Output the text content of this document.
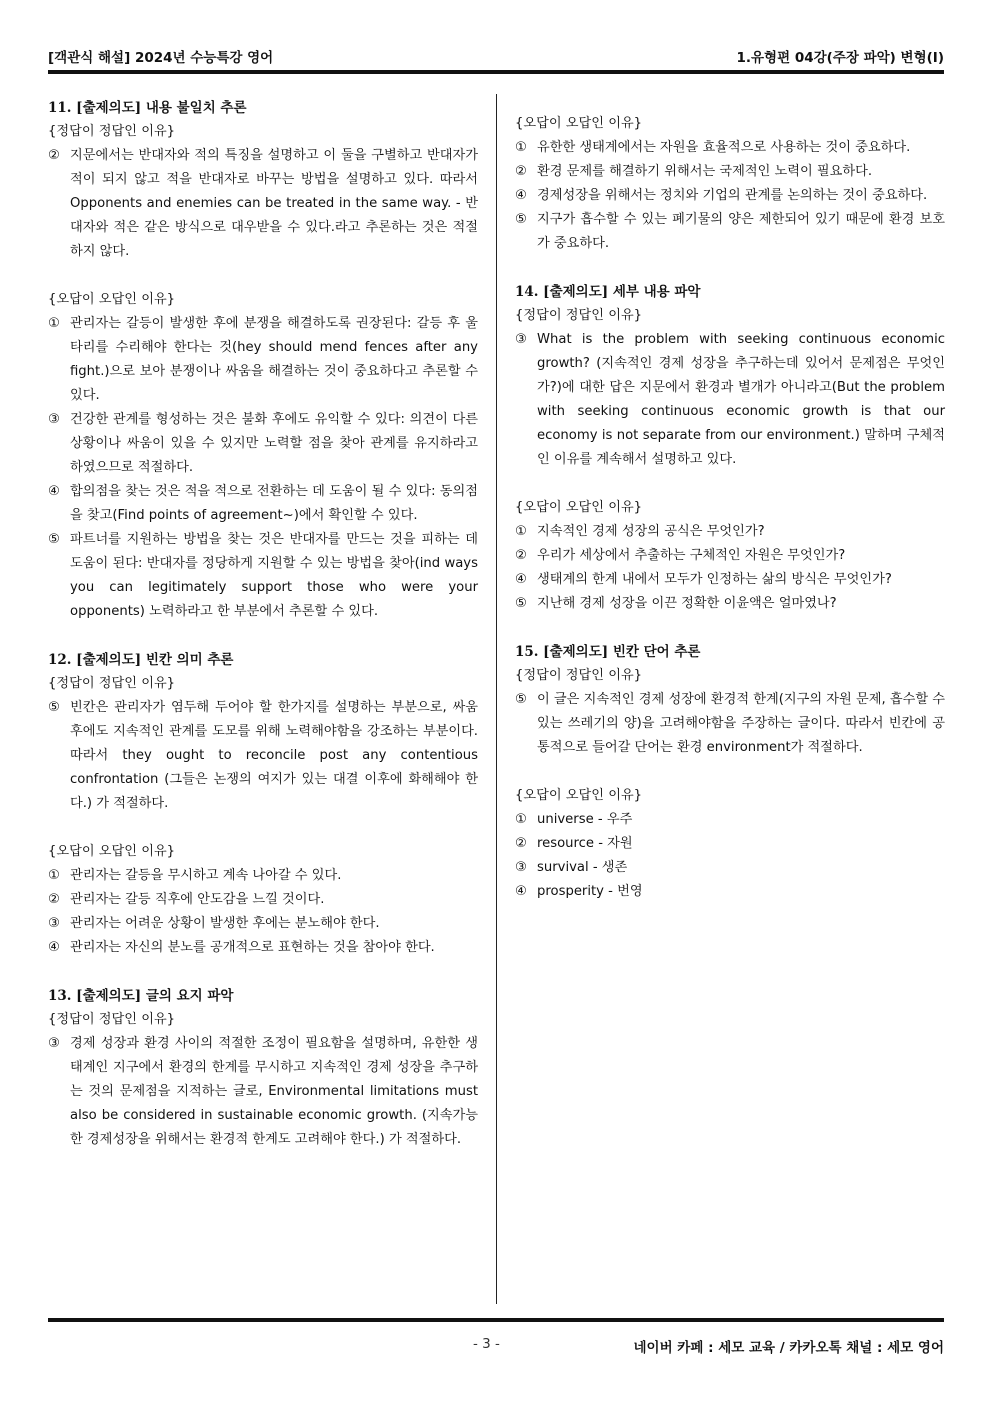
[객관식 해설] 2024년 수능특강 영어	1.유형편 04강(주장 파악) 변형(I)

11. [출제의도] 내용 불일치 추론

{정답이 정답인 이유}

② 지문에서는 반대자와 적의 특징을 설명하고 이 둘을 구별하고 반대자가 적이 되지 않고 적을 반대자로 바꾸는 방법을 설명하고 있다. 따라서 Opponents and enemies can be treated in the same way. - 반대자와 적은 같은 방식으로 대우받을 수 있다.라고 추론하는 것은 적절하지 않다.

{오답이 오답인 이유}

① 관리자는 갈등이 발생한 후에 분쟁을 해결하도록 권장된다: 갈등 후 울타리를 수리해야 한다는 것(hey should mend fences after any fight.)으로 보아 분쟁이나 싸움을 해결하는 것이 중요하다고 추론할 수 있다.
③ 건강한 관계를 형성하는 것은 불화 후에도 유익할 수 있다: 의견이 다른 상황이나 싸움이 있을 수 있지만 노력할 점을 찾아 관계를 유지하라고 하였으므로 적절하다.
④ 합의점을 찾는 것은 적을 적으로 전환하는 데 도움이 될 수 있다: 동의점을 찾고(Find points of agreement~)에서 확인할 수 있다.
⑤ 파트너를 지원하는 방법을 찾는 것은 반대자를 만드는 것을 피하는 데 도움이 된다: 반대자를 정당하게 지원할 수 있는 방법을 찾아(ind ways you can legitimately support those who were your opponents) 노력하라고 한 부분에서 추론할 수 있다.

12. [출제의도] 빈칸 의미 추론

{정답이 정답인 이유}

⑤ 빈칸은 관리자가 염두해 두어야 할 한가지를 설명하는 부분으로, 싸움 후에도 지속적인 관계를 도모를 위해 노력해야함을 강조하는 부분이다. 따라서 they ought to reconcile post any contentious confrontation (그들은 논쟁의 여지가 있는 대결 이후에 화해해야 한다.) 가 적절하다.

{오답이 오답인 이유}

① 관리자는 갈등을 무시하고 계속 나아갈 수 있다.
② 관리자는 갈등 직후에 안도감을 느낄 것이다.
③ 관리자는 어려운 상황이 발생한 후에는 분노해야 한다.
④ 관리자는 자신의 분노를 공개적으로 표현하는 것을 참아야 한다.

13. [출제의도] 글의 요지 파악

{정답이 정답인 이유}

③ 경제 성장과 환경 사이의 적절한 조정이 필요함을 설명하며, 유한한 생태계인 지구에서 환경의 한계를 무시하고 지속적인 경제 성장을 추구하는 것의 문제점을 지적하는 글로, Environmental limitations must also be considered in sustainable economic growth. (지속가능한 경제성장을 위해서는 환경적 한계도 고려해야 한다.) 가 적절하다.

{오답이 오답인 이유}

① 유한한 생태계에서는 자원을 효율적으로 사용하는 것이 중요하다.
② 환경 문제를 해결하기 위해서는 국제적인 노력이 필요하다.
④ 경제성장을 위해서는 정치와 기업의 관계를 논의하는 것이 중요하다.
⑤ 지구가 흡수할 수 있는 폐기물의 양은 제한되어 있기 때문에 환경 보호가 중요하다.

14. [출제의도] 세부 내용 파악

{정답이 정답인 이유}

③ What is the problem with seeking continuous economic growth? (지속적인 경제 성장을 추구하는데 있어서 문제점은 무엇인가?)에 대한 답은 지문에서 환경과 별개가 아니라고(But the problem with seeking continuous economic growth is that our economy is not separate from our environment.) 말하며 구체적인 이유를 계속해서 설명하고 있다.

{오답이 오답인 이유}

① 지속적인 경제 성장의 공식은 무엇인가?
② 우리가 세상에서 추출하는 구체적인 자원은 무엇인가?
④ 생태계의 한계 내에서 모두가 인정하는 삶의 방식은 무엇인가?
⑤ 지난해 경제 성장을 이끈 정확한 이윤액은 얼마였나?

15. [출제의도] 빈칸 단어 추론

{정답이 정답인 이유}

⑤ 이 글은 지속적인 경제 성장에 환경적 한계(지구의 자원 문제, 흡수할 수 있는 쓰레기의 양)을 고려해야함을 주장하는 글이다. 따라서 빈칸에 공통적으로 들어갈 단어는 환경 environment가 적절하다.

{오답이 오답인 이유}

① universe - 우주
② resource - 자원
③ survival - 생존
④ prosperity - 번영
- 3 -	네이버 카페 : 세모 교육 / 카카오톡 채널 : 세모 영어
